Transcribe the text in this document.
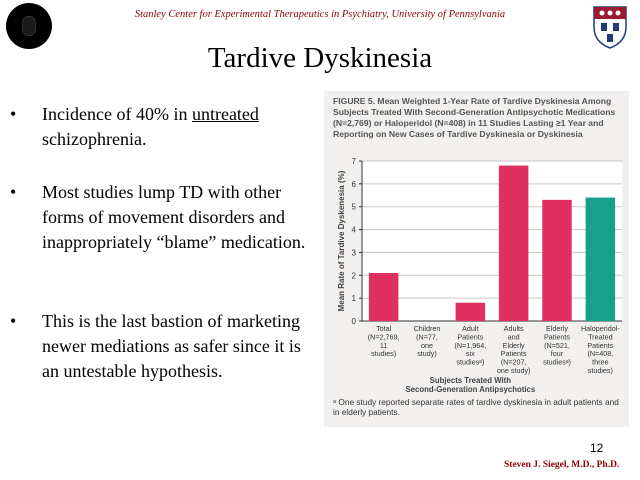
Stanley Center for Experimental Therapeutics in Psychiatry, University of Pennsylvania
Tardive Dyskinesia
•	Incidence of 40% in untreated schizophrenia.
•	Most studies lump TD with other forms of movement disorders and inappropriately “blame” medication.
•	This is the last bastion of marketing newer mediations as safer since it is an untestable hypothesis.
FIGURE 5. Mean Weighted 1-Year Rate of Tardive Dyskinesia Among Subjects Treated With Second-Generation Antipsychotic Medications (N=2,769) or Haloperidol (N=408) in 11 Studies Lasting ≥1 Year and Reporting on New Cases of Tardive Dyskinesia or Dyskinesia
0
1
2
3
4
5
6
7
Mean Rate of Tardive Dyskenesia (%)
Total (N=2,769, 11 studies)
Children (N=77, one study)
Adult Patients (N=1,964, six studiesᵃ)
Adults and Elderly Patients (N=207, one study)
Elderly Patients (N=521, four studiesᵃ)
Haloperidol-Treated Patients (N=408, three studies)
Subjects Treated With Second-Generation Antipsychotics
ᵃ One study reported separate rates of tardive dyskinesia in adult patients and in elderly patients.
12
Steven J. Siegel, M.D., Ph.D.
